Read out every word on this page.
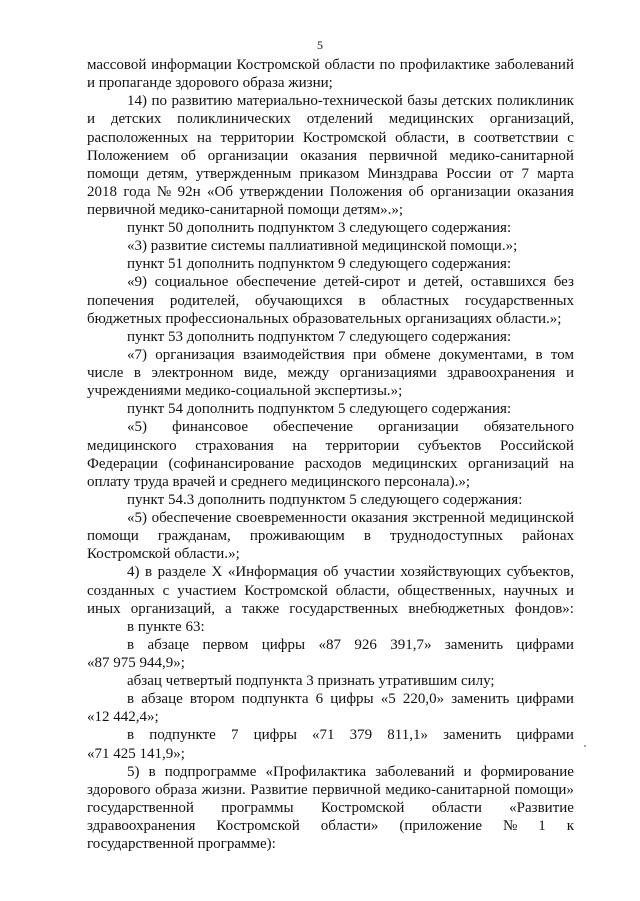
5
массовой информации Костромской области по профилактике заболеваний
и пропаганде здорового образа жизни;
14) по развитию материально-технической базы детских поликлиник
и детских поликлинических отделений медицинских организаций,
расположенных на территории Костромской области, в соответствии с
Положением об организации оказания первичной медико-санитарной
помощи детям, утвержденным приказом Минздрава России от 7 марта
2018 года № 92н «Об утверждении Положения об организации оказания
первичной медико-санитарной помощи детям».»;
пункт 50 дополнить подпунктом 3 следующего содержания:
«3) развитие системы паллиативной медицинской помощи.»;
пункт 51 дополнить подпунктом 9 следующего содержания:
«9) социальное обеспечение детей-сирот и детей, оставшихся без
попечения родителей, обучающихся в областных государственных
бюджетных профессиональных образовательных организациях области.»;
пункт 53 дополнить подпунктом 7 следующего содержания:
«7) организация взаимодействия при обмене документами, в том
числе в электронном виде, между организациями здравоохранения и
учреждениями медико-социальной экспертизы.»;
пункт 54 дополнить подпунктом 5 следующего содержания:
«5) финансовое обеспечение организации обязательного
медицинского страхования на территории субъектов Российской
Федерации (софинансирование расходов медицинских организаций на
оплату труда врачей и среднего медицинского персонала).»;
пункт 54.3 дополнить подпунктом 5 следующего содержания:
«5) обеспечение своевременности оказания экстренной медицинской
помощи гражданам, проживающим в труднодоступных районах
Костромской области.»;
4) в разделе X «Информация об участии хозяйствующих субъектов,
созданных с участием Костромской области, общественных, научных и
иных организаций, а также государственных внебюджетных фондов»:
в пункте 63:
в абзаце первом цифры «87 926 391,7» заменить цифрами
«87 975 944,9»;
абзац четвертый подпункта 3 признать утратившим силу;
в абзаце втором подпункта 6 цифры «5 220,0» заменить цифрами
«12 442,4»;
в подпункте 7 цифры «71 379 811,1» заменить цифрами
«71 425 141,9»;
5) в подпрограмме «Профилактика заболеваний и формирование
здорового образа жизни. Развитие первичной медико-санитарной помощи»
государственной программы Костромской области «Развитие
здравоохранения Костромской области» (приложение № 1 к
государственной программе):
